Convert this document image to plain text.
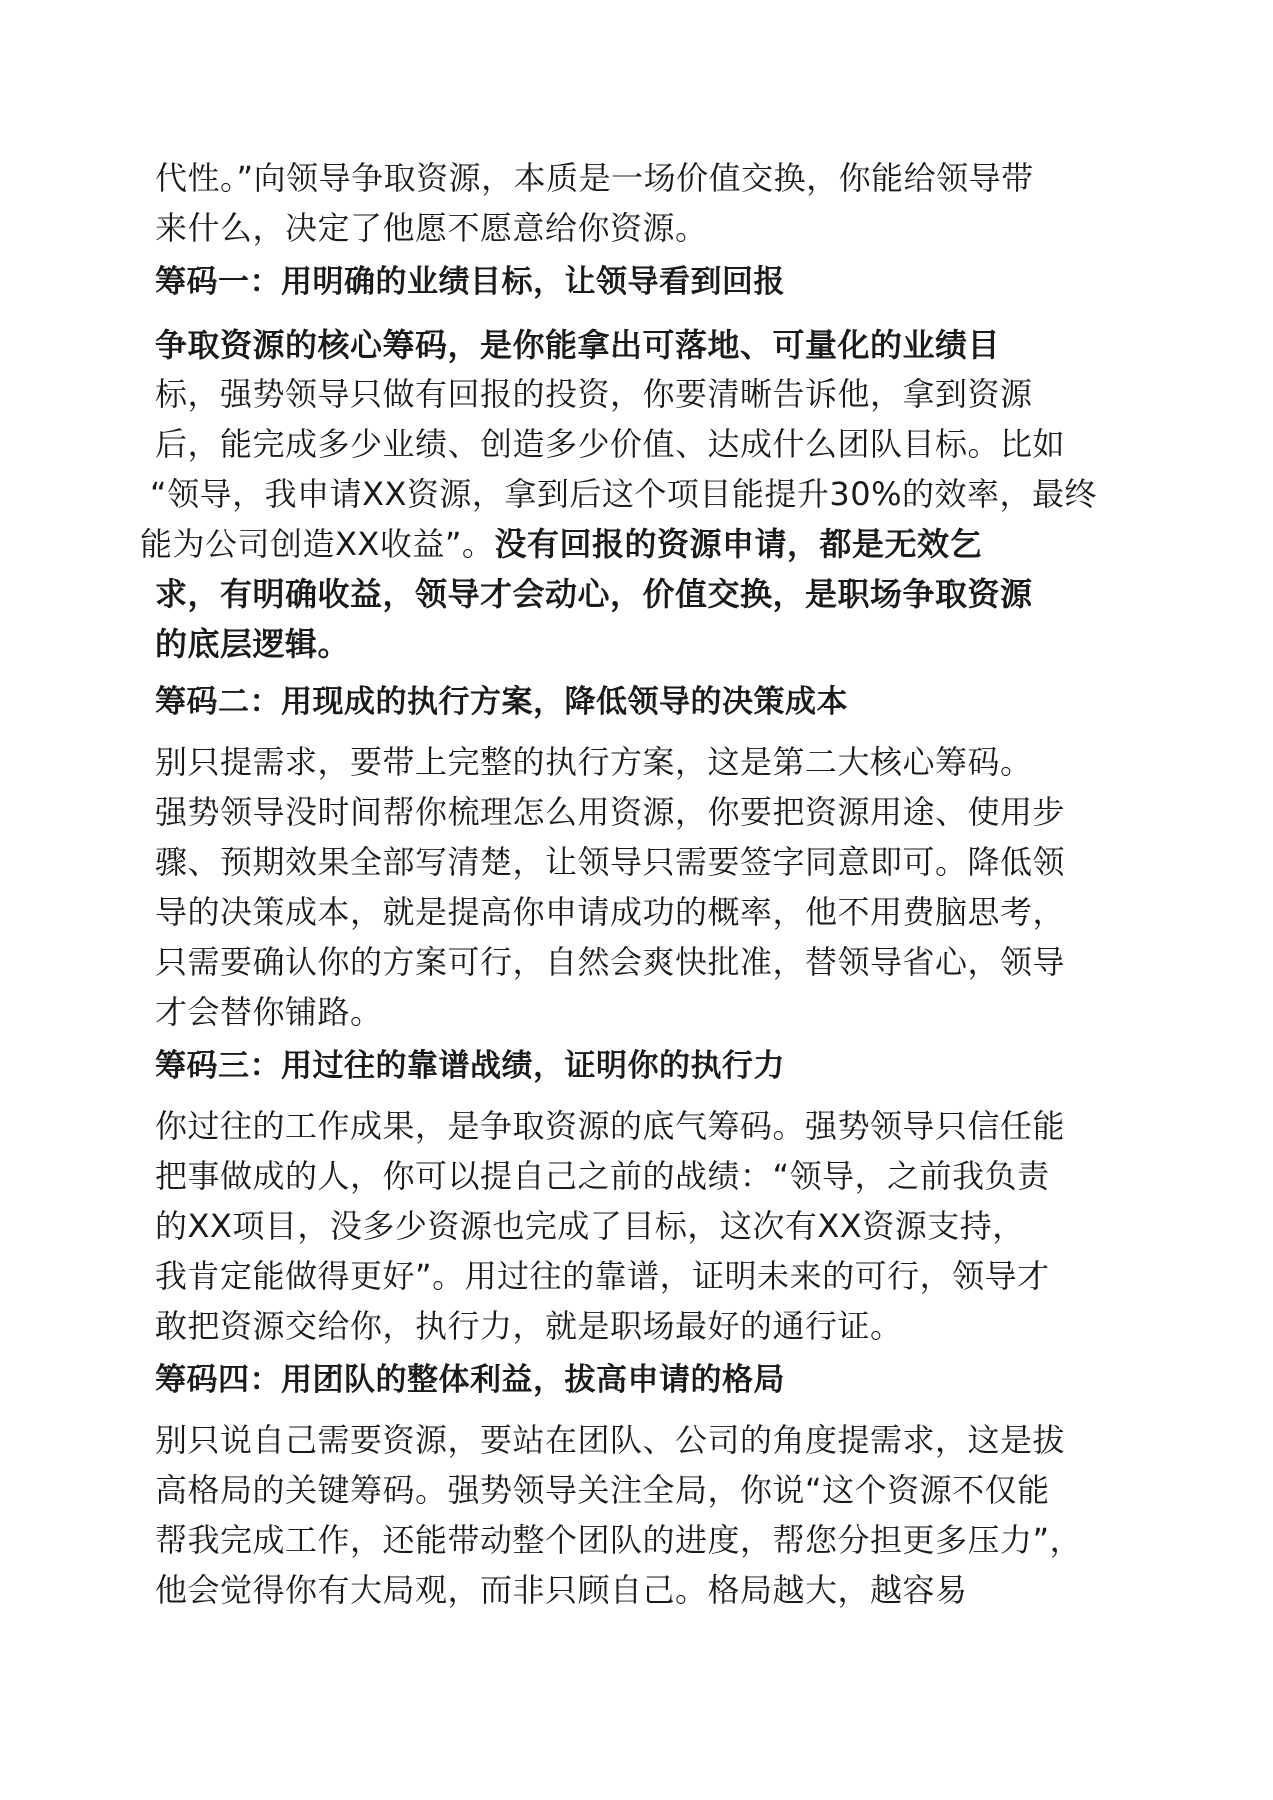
代性。”向领导争取资源，本质是一场价值交换，你能给领导带
来什么，决定了他愿不愿意给你资源。
筹码一：用明确的业绩目标，让领导看到回报
争取资源的核心筹码，是你能拿出可落地、可量化的业绩目
标，强势领导只做有回报的投资，你要清晰告诉他，拿到资源
后，能完成多少业绩、创造多少价值、达成什么团队目标。比如
“领导，我申请XX资源，拿到后这个项目能提升30%的效率，最终
能为公司创造XX收益”。没有回报的资源申请，都是无效乞
求，有明确收益，领导才会动心，价值交换，是职场争取资源
的底层逻辑。
筹码二：用现成的执行方案，降低领导的决策成本
别只提需求，要带上完整的执行方案，这是第二大核心筹码。
强势领导没时间帮你梳理怎么用资源，你要把资源用途、使用步
骤、预期效果全部写清楚，让领导只需要签字同意即可。降低领
导的决策成本，就是提高你申请成功的概率，他不用费脑思考，
只需要确认你的方案可行，自然会爽快批准，替领导省心，领导
才会替你铺路。
筹码三：用过往的靠谱战绩，证明你的执行力
你过往的工作成果，是争取资源的底气筹码。强势领导只信任能
把事做成的人，你可以提自己之前的战绩：“领导，之前我负责
的XX项目，没多少资源也完成了目标，这次有XX资源支持，
我肯定能做得更好”。用过往的靠谱，证明未来的可行，领导才
敢把资源交给你，执行力，就是职场最好的通行证。
筹码四：用团队的整体利益，拔高申请的格局
别只说自己需要资源，要站在团队、公司的角度提需求，这是拔
高格局的关键筹码。强势领导关注全局，你说“这个资源不仅能
帮我完成工作，还能带动整个团队的进度，帮您分担更多压力”，
他会觉得你有大局观，而非只顾自己。格局越大，越容易
